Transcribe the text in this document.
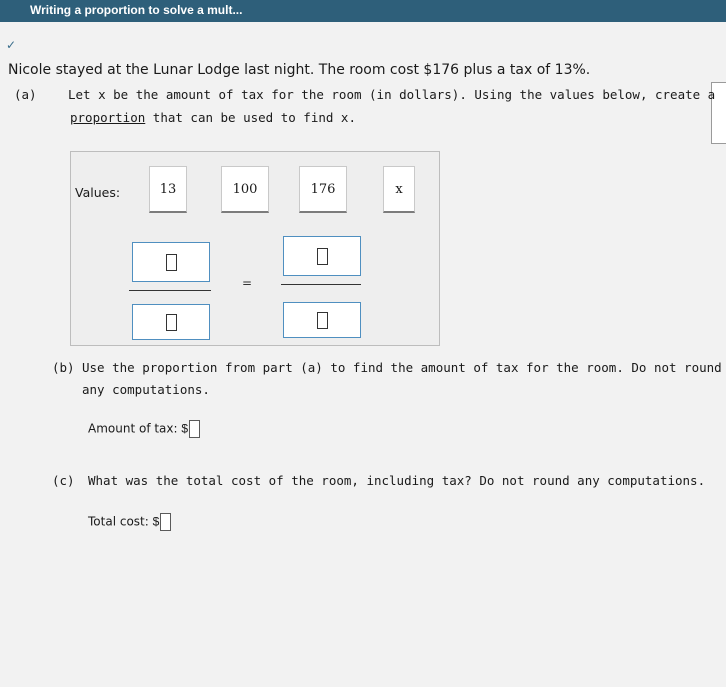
Writing a proportion to solve a mult...
✓
Nicole stayed at the Lunar Lodge last night. The room cost $176 plus a tax of 13%.
(a)	Let x be the amount of tax for the room (in dollars). Using the values below, create a
proportion that can be used to find x.
Values:	13	100	176	x
=
(b) Use the proportion from part (a) to find the amount of tax for the room. Do not round
any computations.
Amount of tax: $
(c) What was the total cost of the room, including tax? Do not round any computations.
Total cost: $
